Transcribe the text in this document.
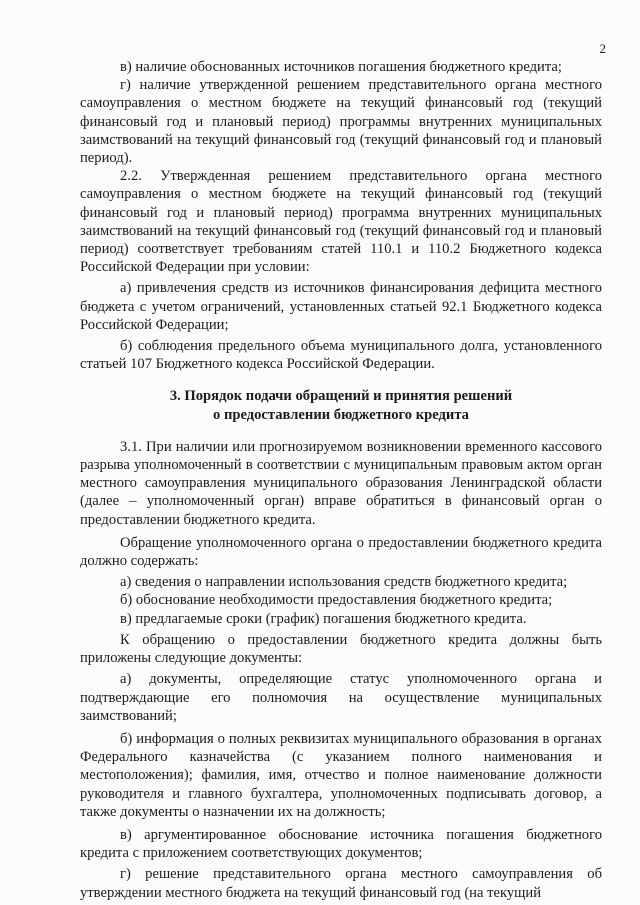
2

в) наличие обоснованных источников погашения бюджетного кредита;

г) наличие утвержденной решением представительного органа местного самоуправления о местном бюджете на текущий финансовый год (текущий финансовый год и плановый период) программы внутренних муниципальных заимствований на текущий финансовый год (текущий финансовый год и плановый период).

2.2. Утвержденная решением представительного органа местного самоуправления о местном бюджете на текущий финансовый год (текущий финансовый год и плановый период) программа внутренних муниципальных заимствований на текущий финансовый год (текущий финансовый год и плановый период) соответствует требованиям статей 110.1 и 110.2 Бюджетного кодекса Российской Федерации при условии:

а) привлечения средств из источников финансирования дефицита местного бюджета с учетом ограничений, установленных статьей 92.1 Бюджетного кодекса Российской Федерации;

б) соблюдения предельного объема муниципального долга, установленного статьей 107 Бюджетного кодекса Российской Федерации.

3. Порядок подачи обращений и принятия решений

о предоставлении бюджетного кредита

3.1. При наличии или прогнозируемом возникновении временного кассового разрыва уполномоченный в соответствии с муниципальным правовым актом орган местного самоуправления муниципального образования Ленинградской области (далее – уполномоченный орган) вправе обратиться в финансовый орган о предоставлении бюджетного кредита.

Обращение уполномоченного органа о предоставлении бюджетного кредита должно содержать:

а) сведения о направлении использования средств бюджетного кредита;

б) обоснование необходимости предоставления бюджетного кредита;

в) предлагаемые сроки (график) погашения бюджетного кредита.

К обращению о предоставлении бюджетного кредита должны быть приложены следующие документы:

а) документы, определяющие статус уполномоченного органа и подтверждающие его полномочия на осуществление муниципальных заимствований;

б) информация о полных реквизитах муниципального образования в органах Федерального казначейства (с указанием полного наименования и местоположения); фамилия, имя, отчество и полное наименование должности руководителя и главного бухгалтера, уполномоченных подписывать договор, а также документы о назначении их на должность;

в) аргументированное обоснование источника погашения бюджетного кредита с приложением соответствующих документов;

г) решение представительного органа местного самоуправления об утверждении местного бюджета на текущий финансовый год (на текущий
